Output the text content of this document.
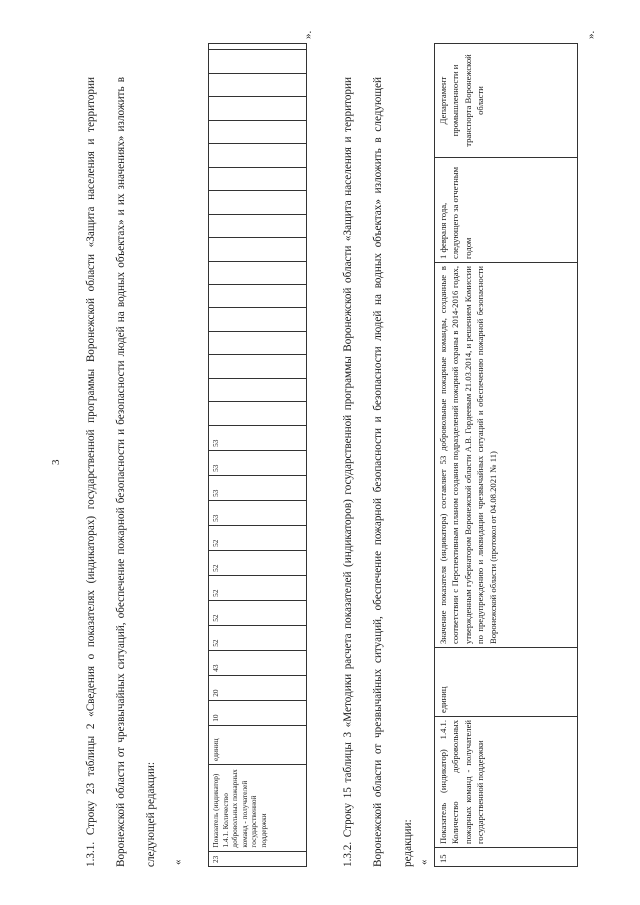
3	1.3.1. Строку 23 таблицы 2 «Сведения о показателях (индикаторах) государственной программы Воронежской области «Защита населения и территории Воронежской области от чрезвычайных ситуаций, обеспечение пожарной безопасности и безопасности людей на водных объектах» и их значениях» изложить в следующей редакции:	«	23	Показатель (индикатор) 1.4.1. Количество добровольных пожарных команд - получателей государственной поддержки	единиц	10	20	43	52	52	52	52	52	53	53	53	53																	
».
1.3.2. Строку 15 таблицы 3 «Методики расчета показателей (индикаторов) государственной программы Воронежской области «Защита населения и территории Воронежской области от чрезвычайных ситуаций, обеспечение пожарной безопасности и безопасности людей на водных объектах» изложить в следующей редакции: « 15	Показатель (индикатор) 1.4.1. Количество добровольных пожарных команд - получателей государственной поддержки	единиц	Значение показателя (индикатора) составляет 53 добровольные пожарные команды, созданные в соответствии с Перспективным планом создания подразделений пожарной охраны в 2014-2016 годах, утвержденным губернатором Воронежской области А.В. Гордеевым 21.03.2014, и решением Комиссии по предупреждению и ликвидации чрезвычайных ситуаций и обеспечению пожарной безопасности Воронежской области (протокол от 04.08.2021 № 11)	1 февраля года, следующего за отчетным годом	Департамент промышленности и транспорта Воронежской области
».
